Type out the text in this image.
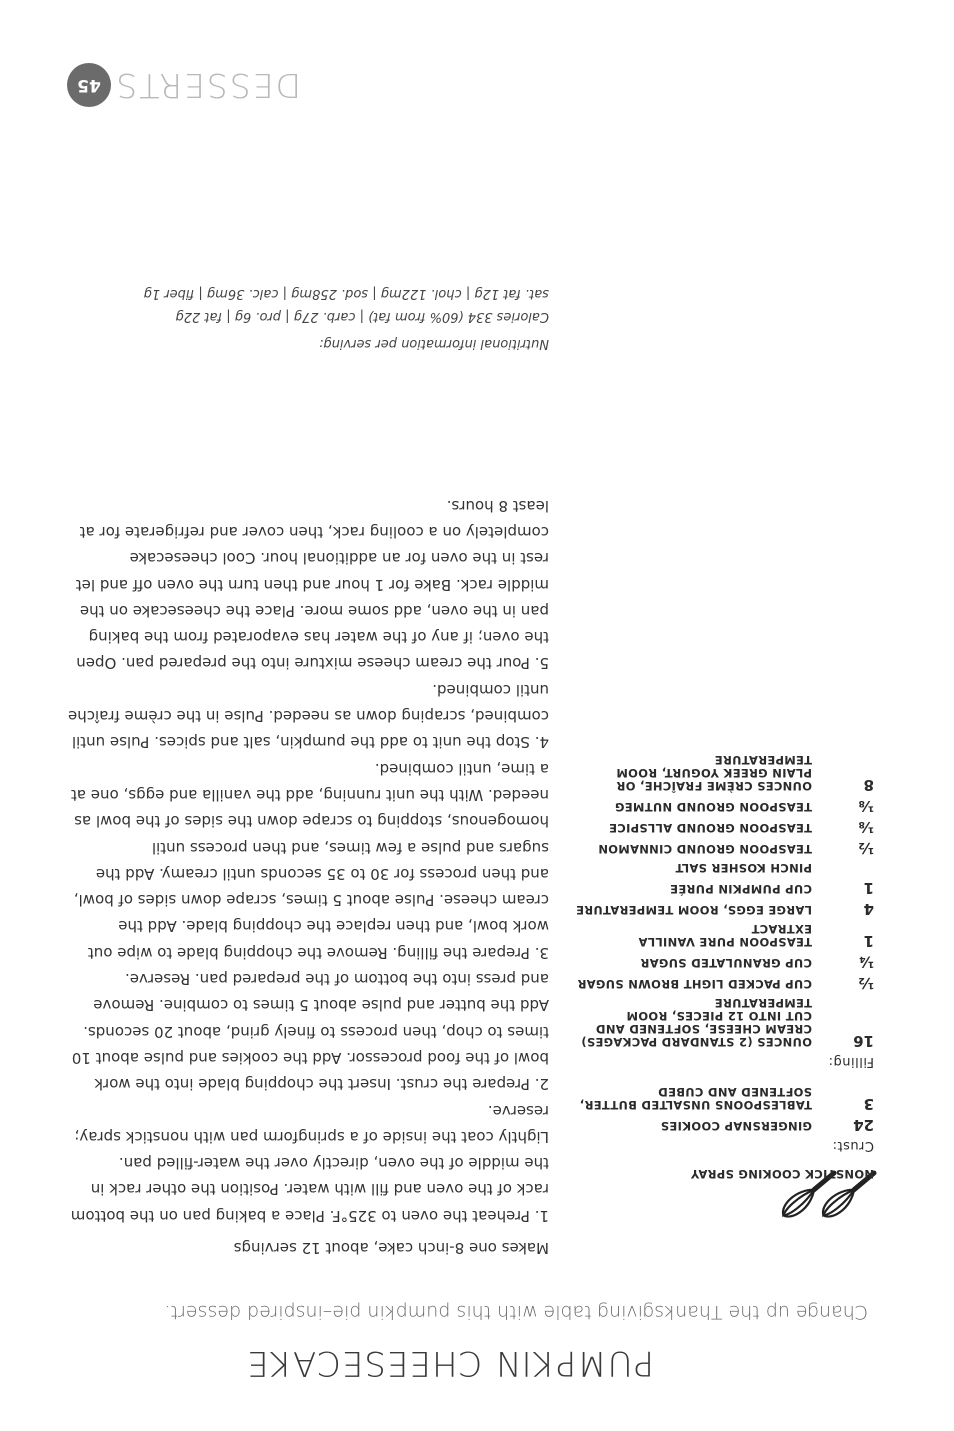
PUMPKIN CHEESECAKE
Change up the Thanksgiving table with this pumpkin pie–inspired dessert.
NONSTICK COOKING SPRAY
Crust:
24
GINGERSNAP COOKIES
3
TABLESPOONS UNSALTED BUTTER, SOFTENED AND CUBED
Filling:
16
OUNCES (2 STANDARD PACKAGES) CREAM CHEESE, SOFTENED AND CUT INTO 12 PIECES, ROOM TEMPERATURE
½
CUP PACKED LIGHT BROWN SUGAR
¼
CUP GRANULATED SUGAR
1
TEASPOON PURE VANILLA EXTRACT
4
LARGE EGGS, ROOM TEMPERATURE
1
CUP PUMPKIN PURÉE
PINCH KOSHER SALT
½
TEASPOON GROUND CINNAMON
⅛
TEASPOON GROUND ALLSPICE
⅛
TEASPOON GROUND NUTMEG
8
OUNCES CRÈME FRAÎCHE, OR PLAIN GREEK YOGURT, ROOM TEMPERATURE
Makes one 8-inch cake, about 12 servings

1. Preheat the oven to 325°F. Place a baking pan on the bottom rack of the oven and fill with water. Position the other rack in the middle of the oven, directly over the water-filled pan. Lightly coat the inside of a springform pan with nonstick spray; reserve.

2. Prepare the crust. Insert the chopping blade into the work bowl of the food processor. Add the cookies and pulse about 10 times to chop, then process to finely grind, about 20 seconds. Add the butter and pulse about 5 times to combine. Remove and press into the bottom of the prepared pan. Reserve.

3. Prepare the filling. Remove the chopping blade to wipe out work bowl, and then replace the chopping blade. Add the cream cheese. Pulse about 5 times, scrape down sides of bowl, and then process for 30 to 35 seconds until creamy. Add the sugars and pulse a few times, and then process until homogenous, stopping to scrape down the sides of the bowl as needed. With the unit running, add the vanilla and eggs, one at a time, until combined.

4. Stop the unit to add the pumpkin, salt and spices. Pulse until combined, scraping down as needed. Pulse in the crème fraîche until combined.

5. Pour the cream cheese mixture into the prepared pan. Open the oven; if any of the water has evaporated from the baking pan in the oven, add some more. Place the cheesecake on the middle rack. Bake for 1 hour and then turn the oven off and let rest in the oven for an additional hour. Cool cheesecake completely on a cooling rack, then cover and refrigerate for at least 8 hours.

Nutritional information per serving:
Calories 334 (60% from fat) | carb. 27g | pro. 6g | fat 22g
sat. fat 12g | chol. 122mg | sod. 258mg | calc. 36mg | fiber 1g
DESSERTS
45
